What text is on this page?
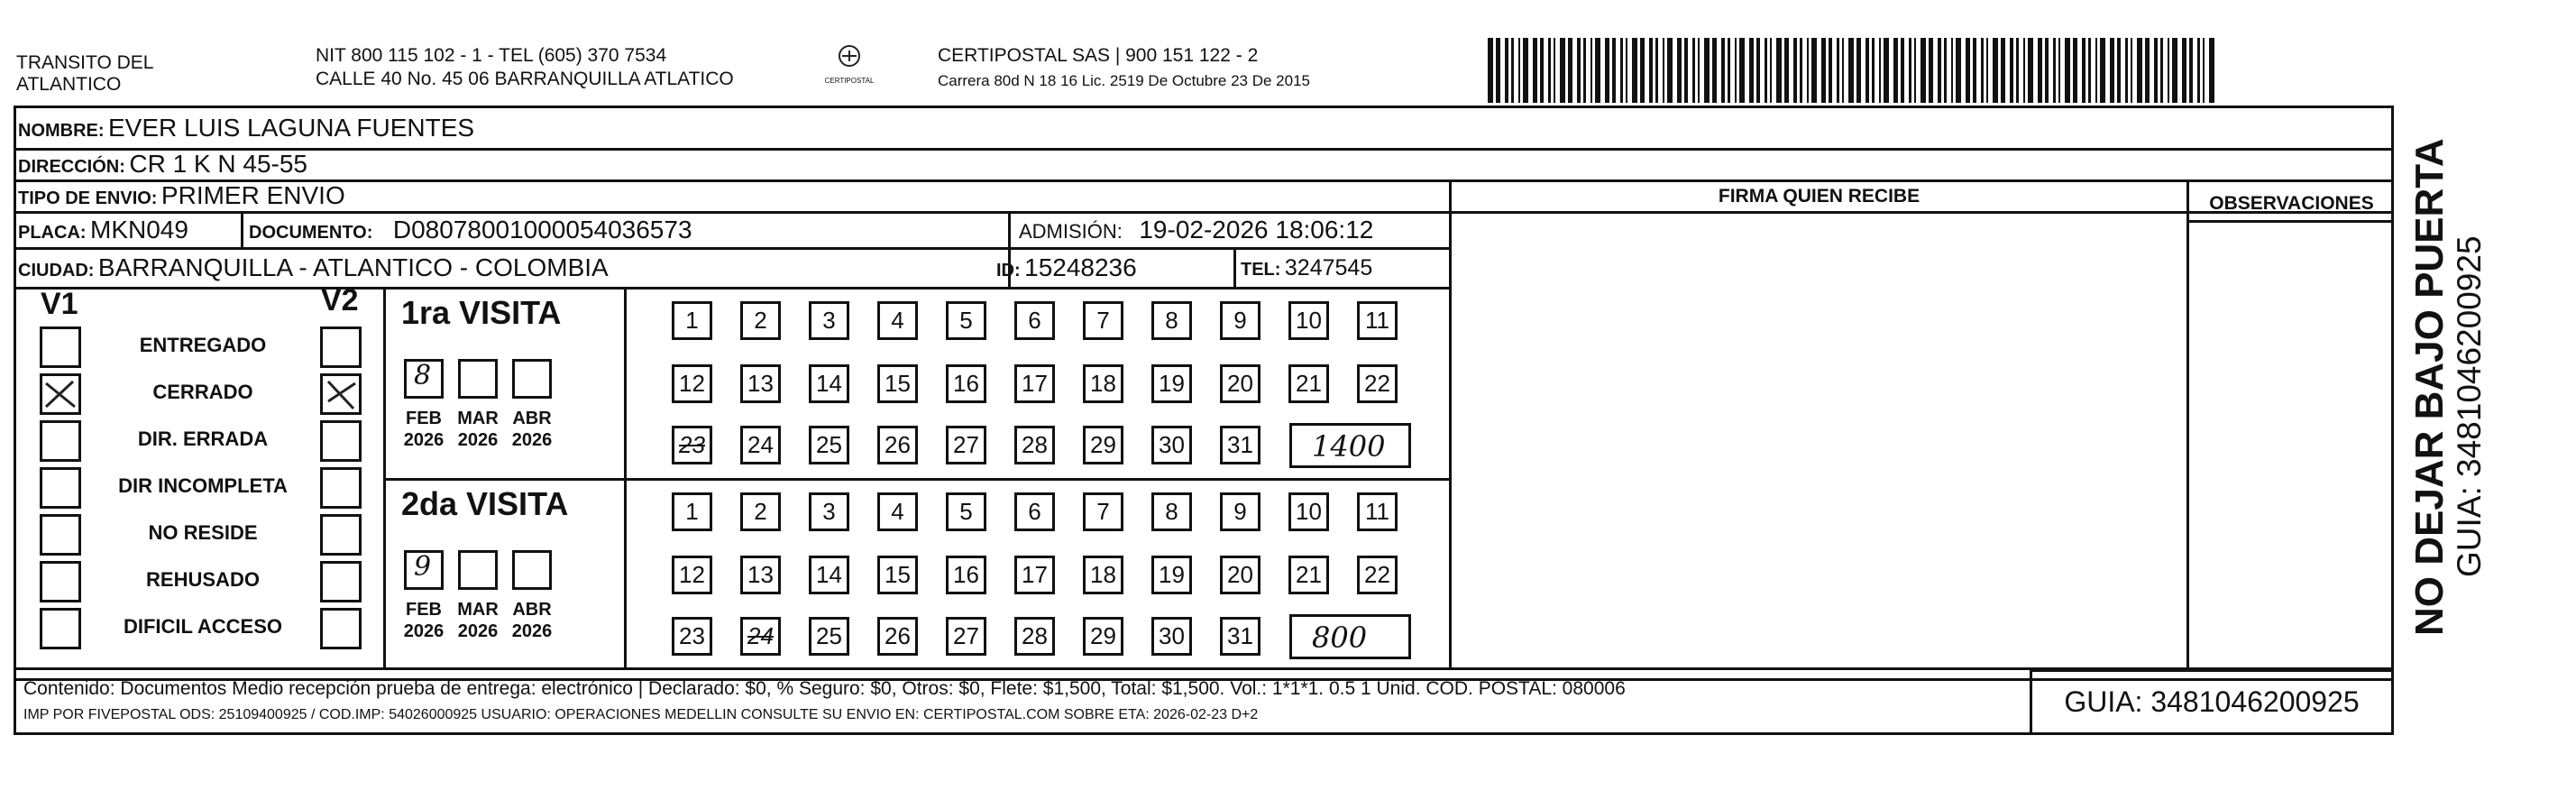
TRANSITO DEL
ATLANTICO
NIT 800 115 102 - 1 - TEL (605) 370 7534
CALLE 40 No. 45 06 BARRANQUILLA ATLATICO	CERTIPOSTAL
CERTIPOSTAL SAS | 900 151 122 - 2
Carrera 80d N 18 16 Lic. 2519 De Octubre 23 De 2015
NOMBRE: EVER LUIS LAGUNA FUENTES
DIRECCIÓN: CR 1 K N 45-55
TIPO DE ENVIO: PRIMER ENVIO	FIRMA QUIEN RECIBE	OBSERVACIONES
PLACA: MKN049	DOCUMENTO: D08078001000054036573	ADMISIÓN: 19-02-2026 18:06:12
CIUDAD: BARRANQUILLA - ATLANTICO - COLOMBIA	ID: 15248236	TEL: 3247545
V1	V2
ENTREGADO
CERRADO
DIR. ERRADA
DIR INCOMPLETA
NO RESIDE
REHUSADO
DIFICIL ACCESO
1ra VISITA
8
FEB
2026
MAR
2026
ABR
2026
1	2	3	4	5	6	7	8	9	10	11
12	13	14	15	16	17	18	19	20	21	22
23	24	25	26	27	28	29	30	31 1400
2da VISITA
9
FEB
2026
MAR
2026
ABR
2026
1	2	3	4	5	6	7	8	9	10	11
12	13	14	15	16	17	18	19	20	21	22
23	24	25	26	27	28	29	30	31 800
Contenido: Documentos Medio recepción prueba de entrega: electrónico | Declarado: $0, % Seguro: $0, Otros: $0, Flete: $1,500, Total: $1,500. Vol.: 1*1*1. 0.5 1 Unid. COD. POSTAL: 080006
IMP POR FIVEPOSTAL ODS: 25109400925 / COD.IMP: 54026000925 USUARIO: OPERACIONES MEDELLIN CONSULTE SU ENVIO EN: CERTIPOSTAL.COM SOBRE ETA: 2026-02-23 D+2	GUIA: 3481046200925
NO DEJAR BAJO PUERTA GUIA: 3481046200925
